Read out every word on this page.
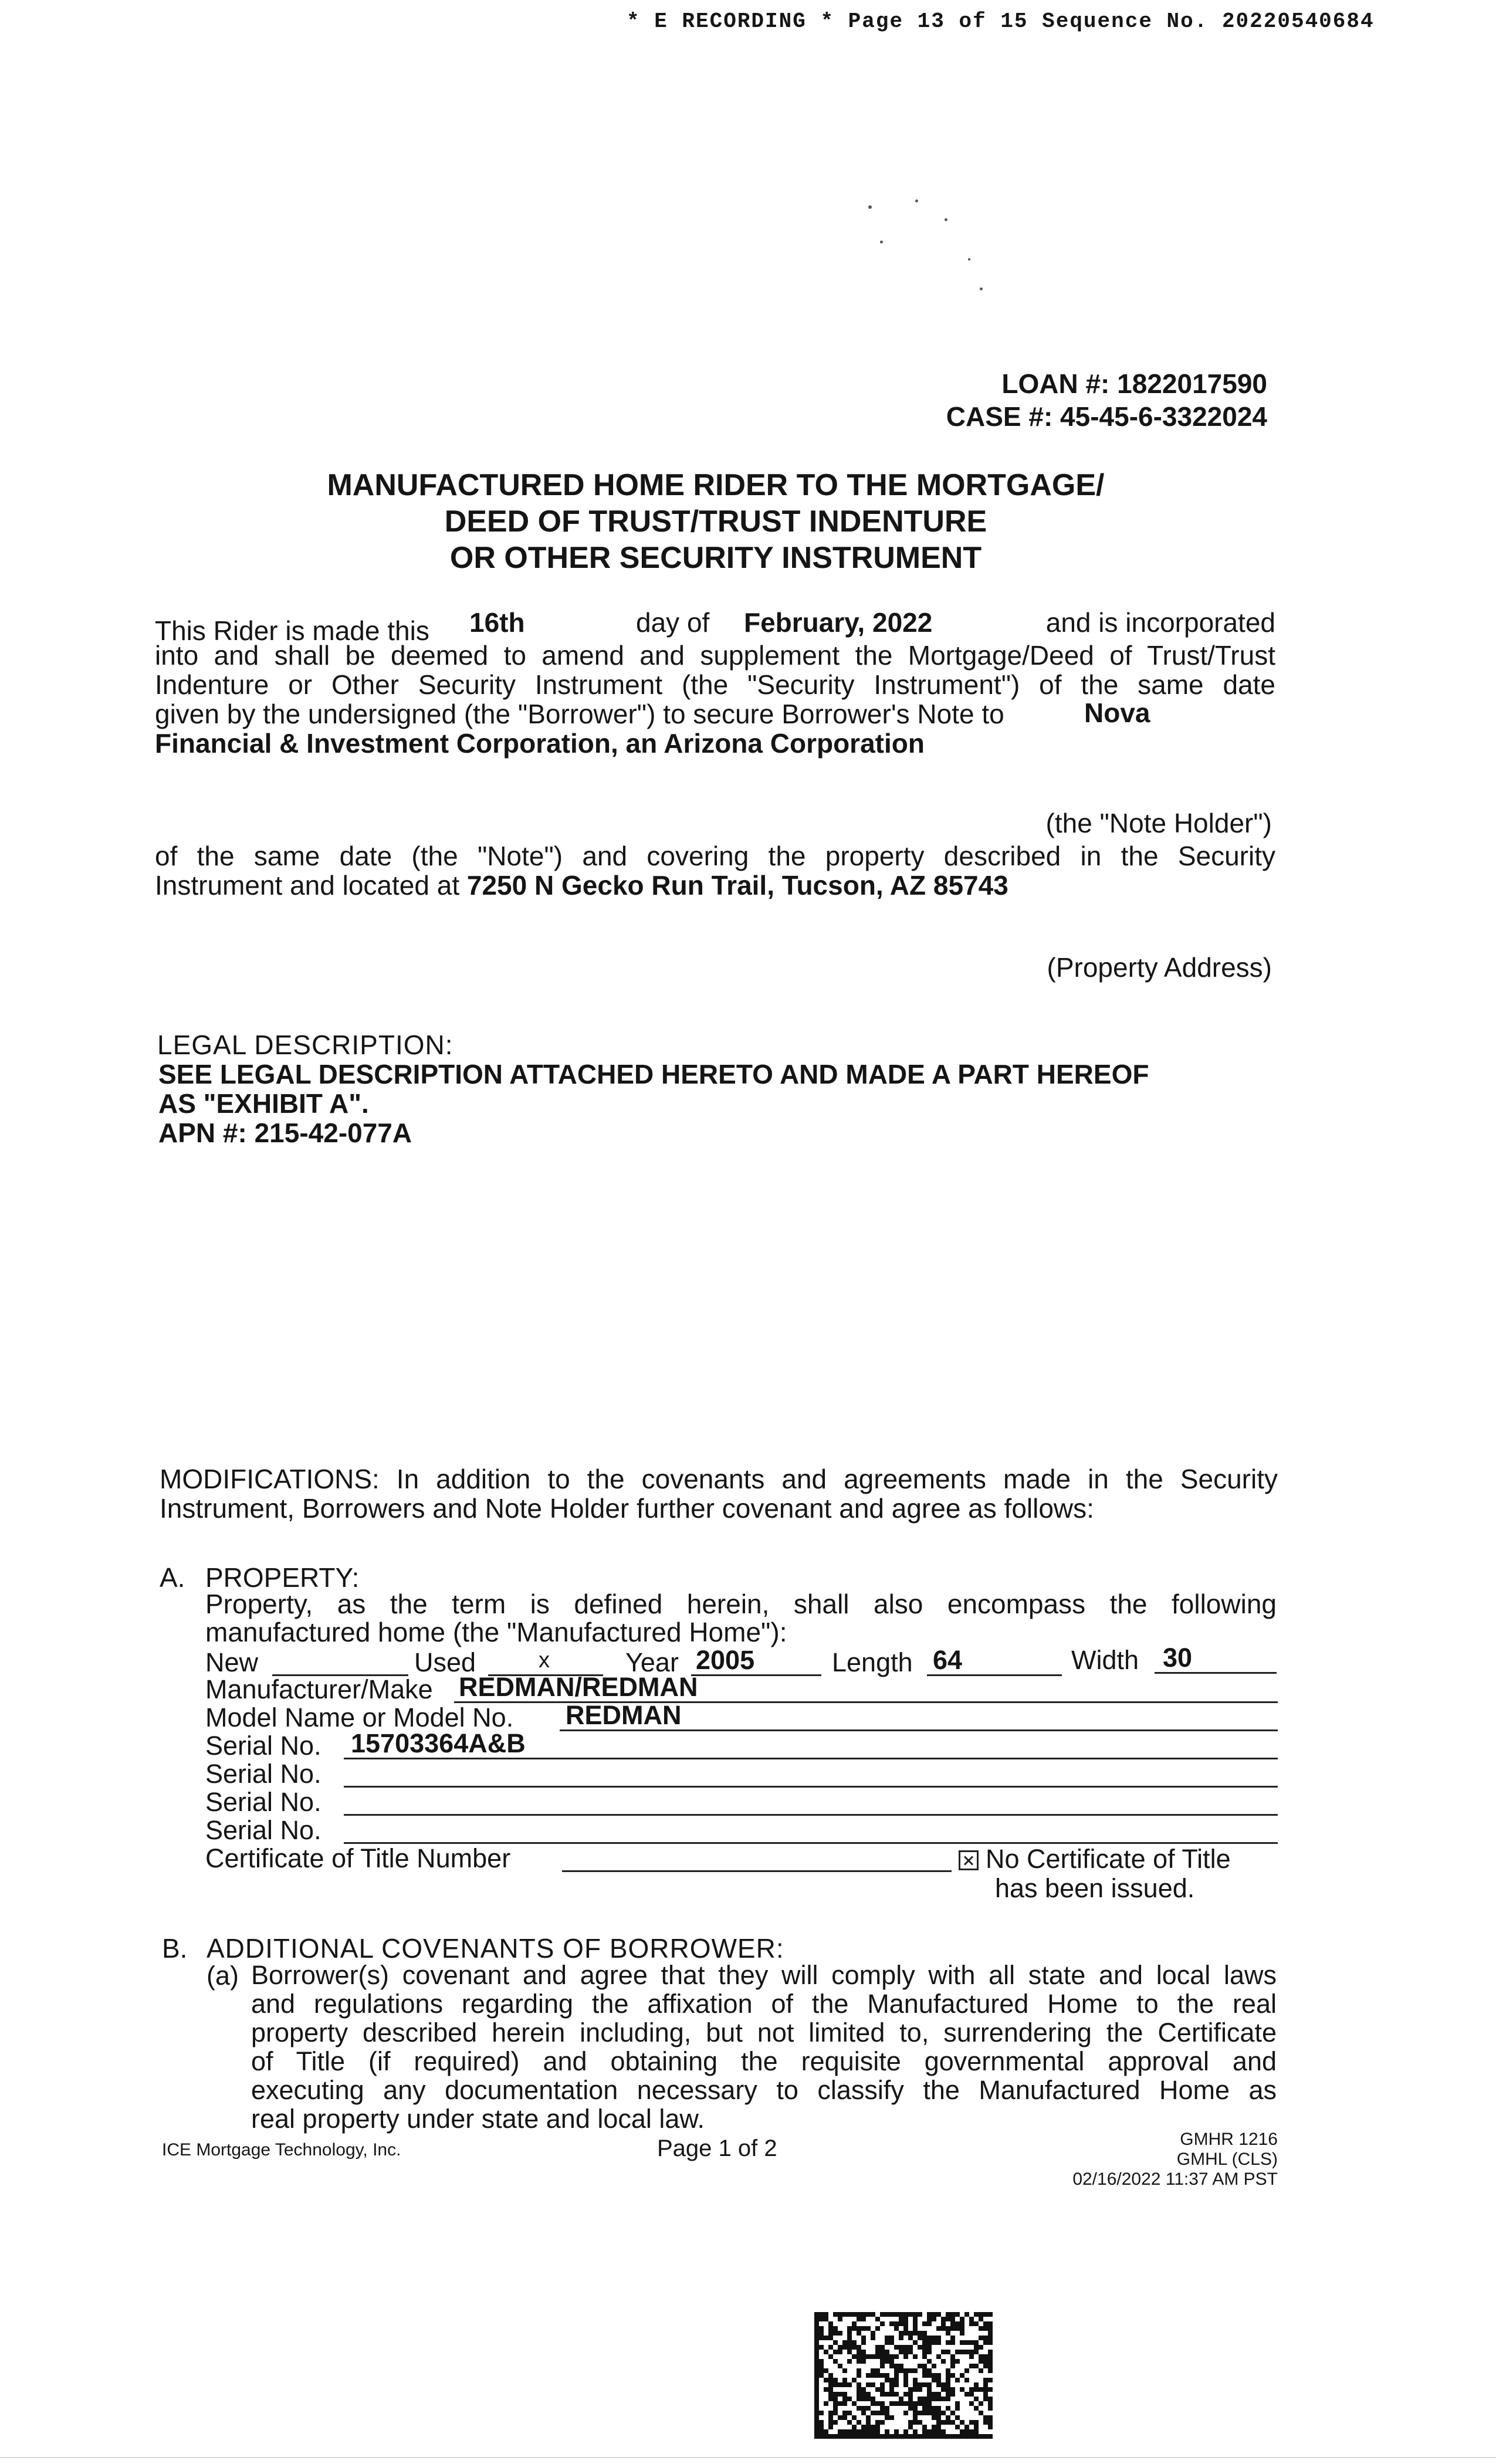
* E RECORDING * Page 13 of 15 Sequence No. 20220540684
LOAN #: 1822017590
CASE #: 45-45-6-3322024
MANUFACTURED HOME RIDER TO THE MORTGAGE/
DEED OF TRUST/TRUST INDENTURE
OR OTHER SECURITY INSTRUMENT
This Rider is made this 16th	day of February, 2022	and is incorporated
into and shall be deemed to amend and supplement the Mortgage/Deed of Trust/Trust
Indenture or Other Security Instrument (the "Security Instrument") of the same date
given by the undersigned (the "Borrower") to secure Borrower's Note to	Nova
Financial & Investment Corporation, an Arizona Corporation
(the "Note Holder")
of the same date (the "Note") and covering the property described in the Security
Instrument and located at 7250 N Gecko Run Trail, Tucson, AZ 85743
(Property Address)
LEGAL DESCRIPTION:
SEE LEGAL DESCRIPTION ATTACHED HERETO AND MADE A PART HEREOF
AS "EXHIBIT A".
APN #: 215-42-077A
MODIFICATIONS: In addition to the covenants and agreements made in the Security
Instrument, Borrowers and Note Holder further covenant and agree as follows:
A. PROPERTY:
Property, as the term is defined herein, shall also encompass the following
manufactured home (the "Manufactured Home"):
New	Used	x	Year 2005	Length 64	Width 30
Manufacturer/Make REDMAN/REDMAN
Model Name or Model No. REDMAN
Serial No. 15703364A&B
Serial No.
Serial No.
Serial No.
Certificate of Title Number	No Certificate of Title
has been issued.
B. ADDITIONAL COVENANTS OF BORROWER:
(a) Borrower(s) covenant and agree that they will comply with all state and local laws
and regulations regarding the affixation of the Manufactured Home to the real
property described herein including, but not limited to, surrendering the Certificate
of Title (if required) and obtaining the requisite governmental approval and
executing any documentation necessary to classify the Manufactured Home as
real property under state and local law.
ICE Mortgage Technology, Inc.	Page 1 of 2	GMHR 1216
GMHL (CLS)
02/16/2022 11:37 AM PST
